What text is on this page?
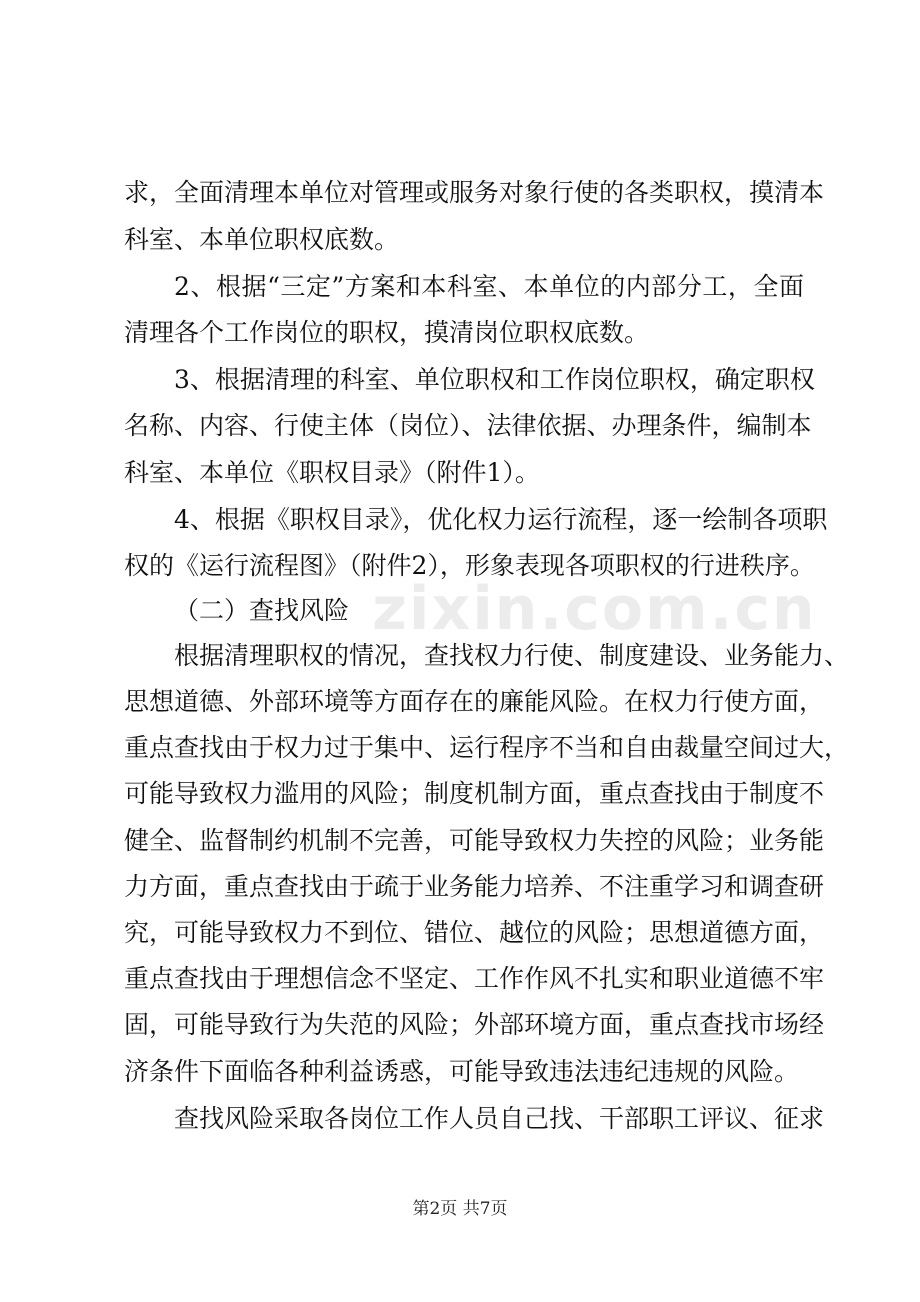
zixin.com.cn
求，全面清理本单位对管理或服务对象行使的各类职权，摸清本
科室、本单位职权底数。
2、根据“三定”方案和本科室、本单位的内部分工，全面
清理各个工作岗位的职权，摸清岗位职权底数。
3、根据清理的科室、单位职权和工作岗位职权，确定职权
名称、内容、行使主体（岗位）、法律依据、办理条件，编制本
科室、本单位《职权目录》（附件1）。
4、根据《职权目录》，优化权力运行流程，逐一绘制各项职
权的《运行流程图》（附件2），形象表现各项职权的行进秩序。
（二）查找风险
根据清理职权的情况，查找权力行使、制度建设、业务能力、
思想道德、外部环境等方面存在的廉能风险。在权力行使方面，
重点查找由于权力过于集中、运行程序不当和自由裁量空间过大，
可能导致权力滥用的风险；制度机制方面，重点查找由于制度不
健全、监督制约机制不完善，可能导致权力失控的风险；业务能
力方面，重点查找由于疏于业务能力培养、不注重学习和调查研
究，可能导致权力不到位、错位、越位的风险；思想道德方面，
重点查找由于理想信念不坚定、工作作风不扎实和职业道德不牢
固，可能导致行为失范的风险；外部环境方面，重点查找市场经
济条件下面临各种利益诱惑，可能导致违法违纪违规的风险。
查找风险采取各岗位工作人员自己找、干部职工评议、征求
第2页 共7页
